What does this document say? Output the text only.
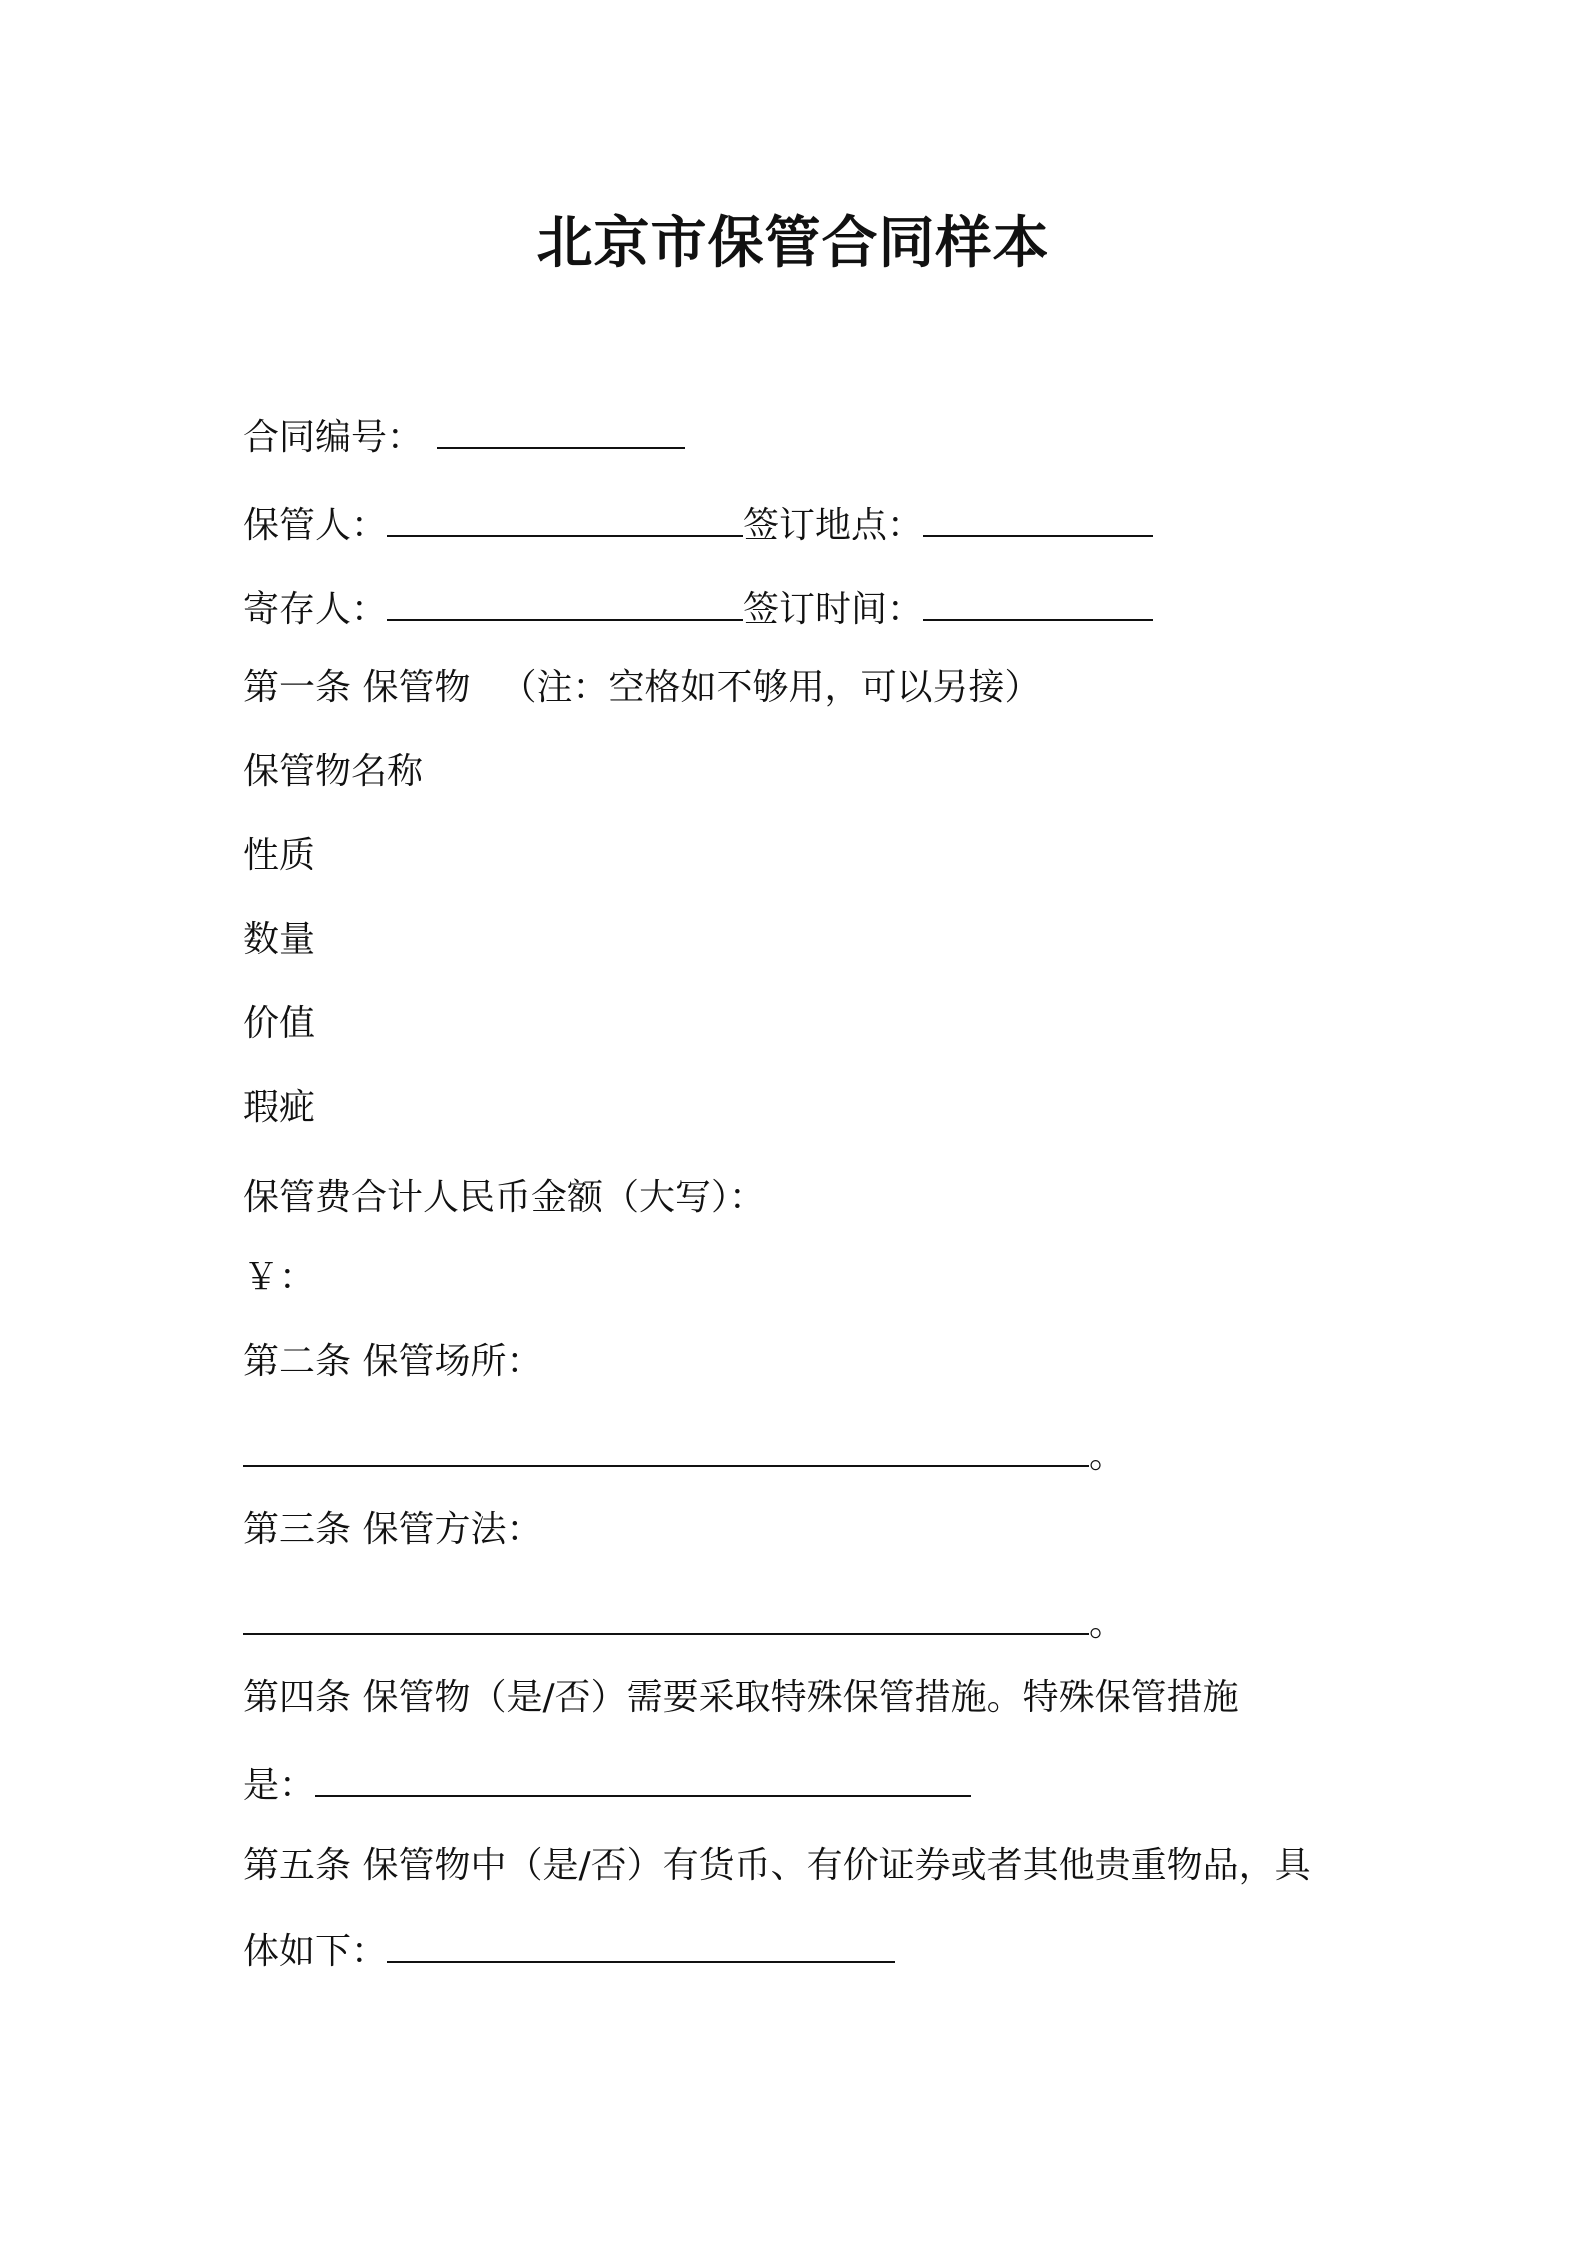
北京市保管合同样本
合同编号：
保管人：	签订地点：
寄存人：	签订时间：
第一条 保管物 （注：空格如不够用，可以另接）
保管物名称
性质
数量
价值
瑕疵
保管费合计人民币金额（大写）：
￥：
第二条 保管场所：
。
第三条 保管方法：
。
第四条 保管物（是/否）需要采取特殊保管措施。特殊保管措施
是：
第五条 保管物中（是/否）有货币、有价证券或者其他贵重物品，具
体如下：
